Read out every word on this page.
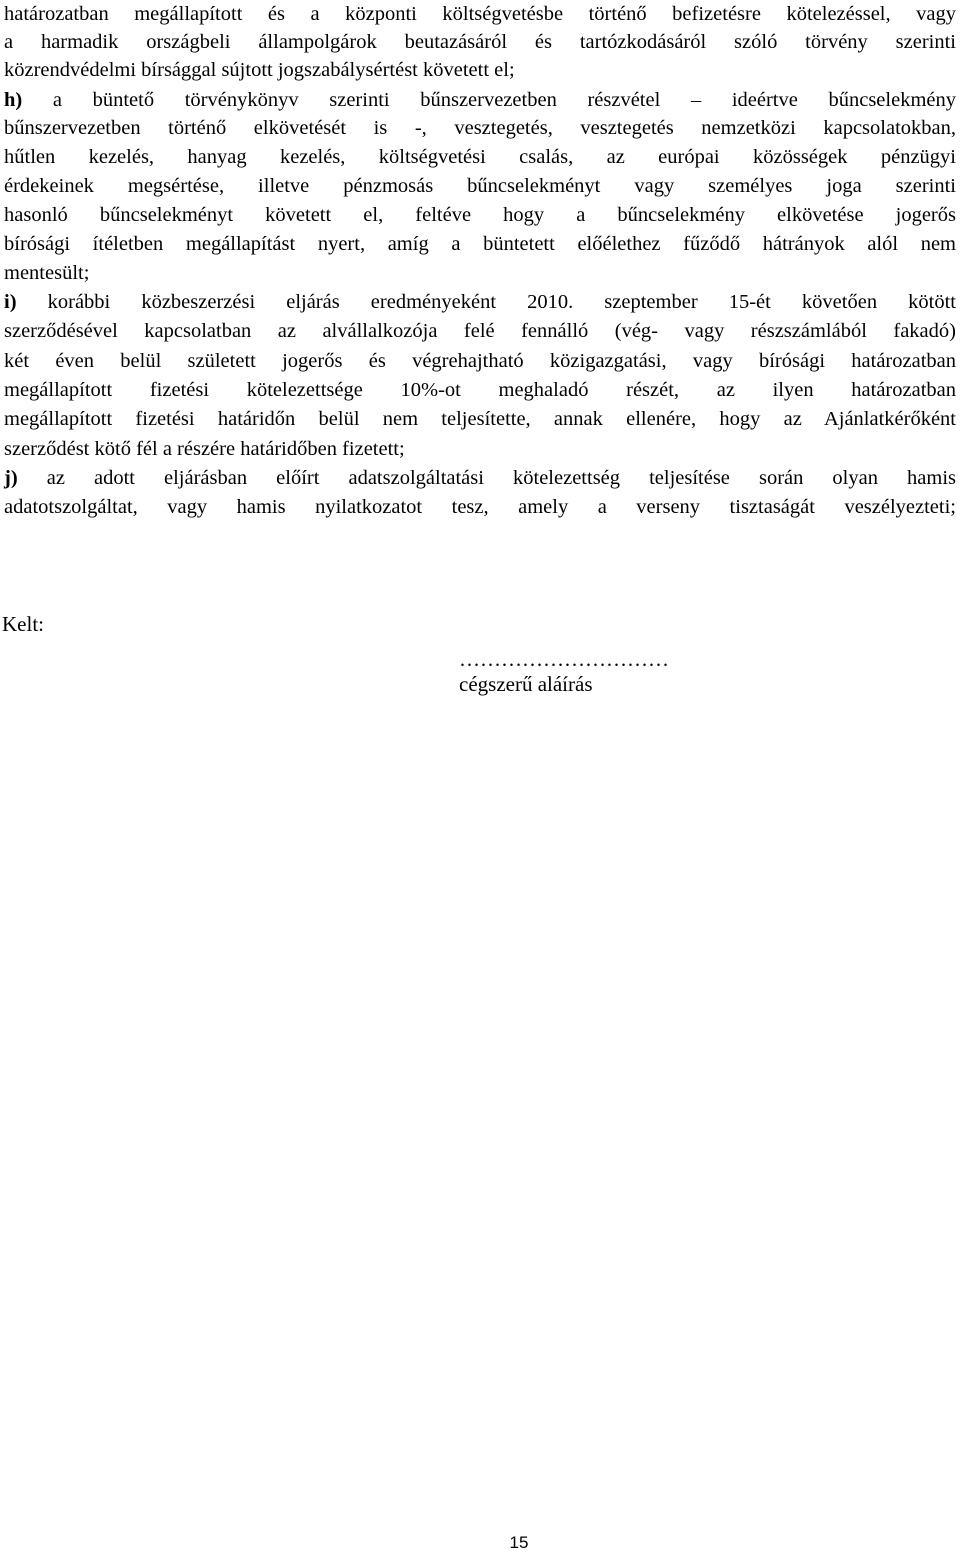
határozatban megállapított és a központi költségvetésbe történő befizetésre kötelezéssel, vagy
a harmadik országbeli állampolgárok beutazásáról és tartózkodásáról szóló törvény szerinti
közrendvédelmi bírsággal sújtott jogszabálysértést követett el;
h) a büntető törvénykönyv szerinti bűnszervezetben részvétel – ideértve bűncselekmény
bűnszervezetben történő elkövetését is -, vesztegetés, vesztegetés nemzetközi kapcsolatokban,
hűtlen kezelés, hanyag kezelés, költségvetési csalás, az európai közösségek pénzügyi
érdekeinek megsértése, illetve pénzmosás bűncselekményt vagy személyes joga szerinti
hasonló bűncselekményt követett el, feltéve hogy a bűncselekmény elkövetése jogerős
bírósági ítéletben megállapítást nyert, amíg a büntetett előélethez fűződő hátrányok alól nem
mentesült;
i) korábbi közbeszerzési eljárás eredményeként 2010. szeptember 15-ét követően kötött
szerződésével kapcsolatban az alvállalkozója felé fennálló (vég- vagy részszámlából fakadó)
két éven belül született jogerős és végrehajtható közigazgatási, vagy bírósági határozatban
megállapított fizetési kötelezettsége 10%-ot meghaladó részét, az ilyen határozatban
megállapított fizetési határidőn belül nem teljesítette, annak ellenére, hogy az Ajánlatkérőként
szerződést kötő fél a részére határidőben fizetett;
j) az adott eljárásban előírt adatszolgáltatási kötelezettség teljesítése során olyan hamis
adatotszolgáltat, vagy hamis nyilatkozatot tesz, amely a verseny tisztaságát veszélyezteti;
Kelt:
…………………………
cégszerű aláírás
15
